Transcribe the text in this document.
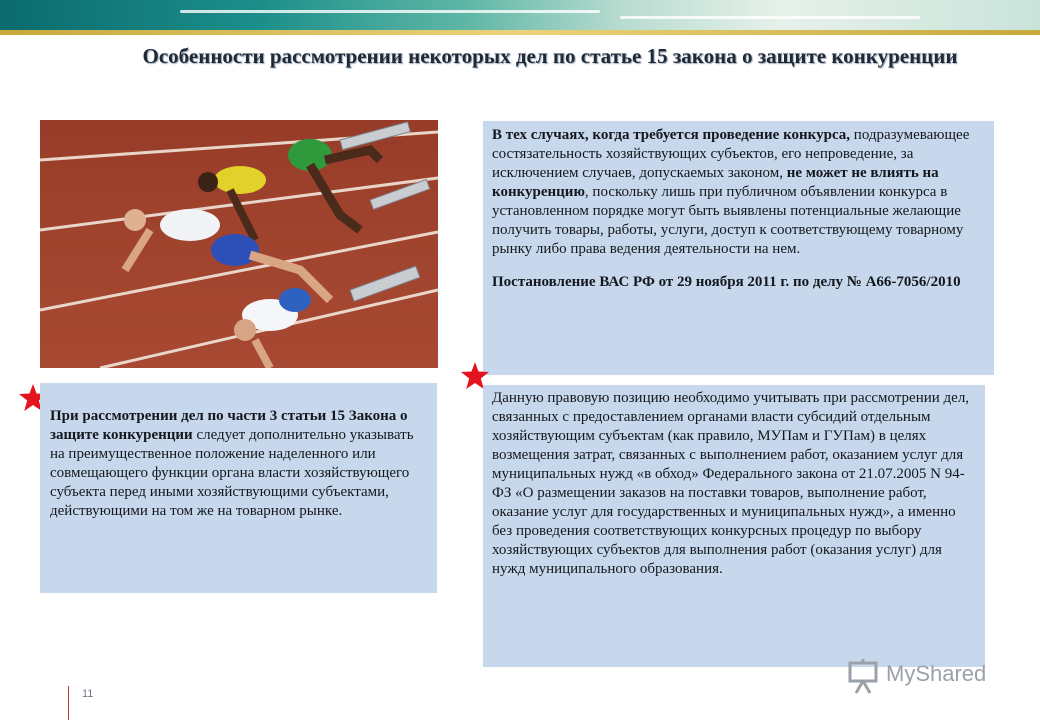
Особенности рассмотрении некоторых дел по статье 15 закона о защите конкуренции

В тех случаях, когда требуется проведение конкурса, подразумевающее состязательность хозяйствующих субъектов, его непроведение, за исключением случаев, допускаемых законом, не может не влиять на конкуренцию, поскольку лишь при публичном объявлении конкурса в установленном порядке могут быть выявлены потенциальные желающие получить товары, работы, услуги, доступ к соответствующему товарному рынку либо права ведения деятельности на нем.

Постановление ВАС РФ от 29 ноября 2011 г. по делу № А66-7056/2010

При рассмотрении дел по части 3 статьи 15 Закона о защите конкуренции следует дополнительно указывать на преимущественное положение наделенного или совмещающего функции органа власти хозяйствующего субъекта перед иными хозяйствующими субъектами, действующими на том же на товарном рынке.

Данную правовую позицию необходимо учитывать при рассмотрении дел, связанных с предоставлением органами власти субсидий отдельным хозяйствующим субъектам (как правило, МУПам и ГУПам) в целях возмещения затрат, связанных с выполнением работ, оказанием услуг для муниципальных нужд «в обход» Федерального закона от 21.07.2005 N 94-ФЗ «О размещении заказов на поставки товаров, выполнение работ, оказание услуг для государственных и муниципальных нужд», а именно без проведения соответствующих конкурсных процедур по выбору хозяйствующих субъектов для выполнения работ (оказания услуг) для нужд муниципального образования.

11
MyShared
